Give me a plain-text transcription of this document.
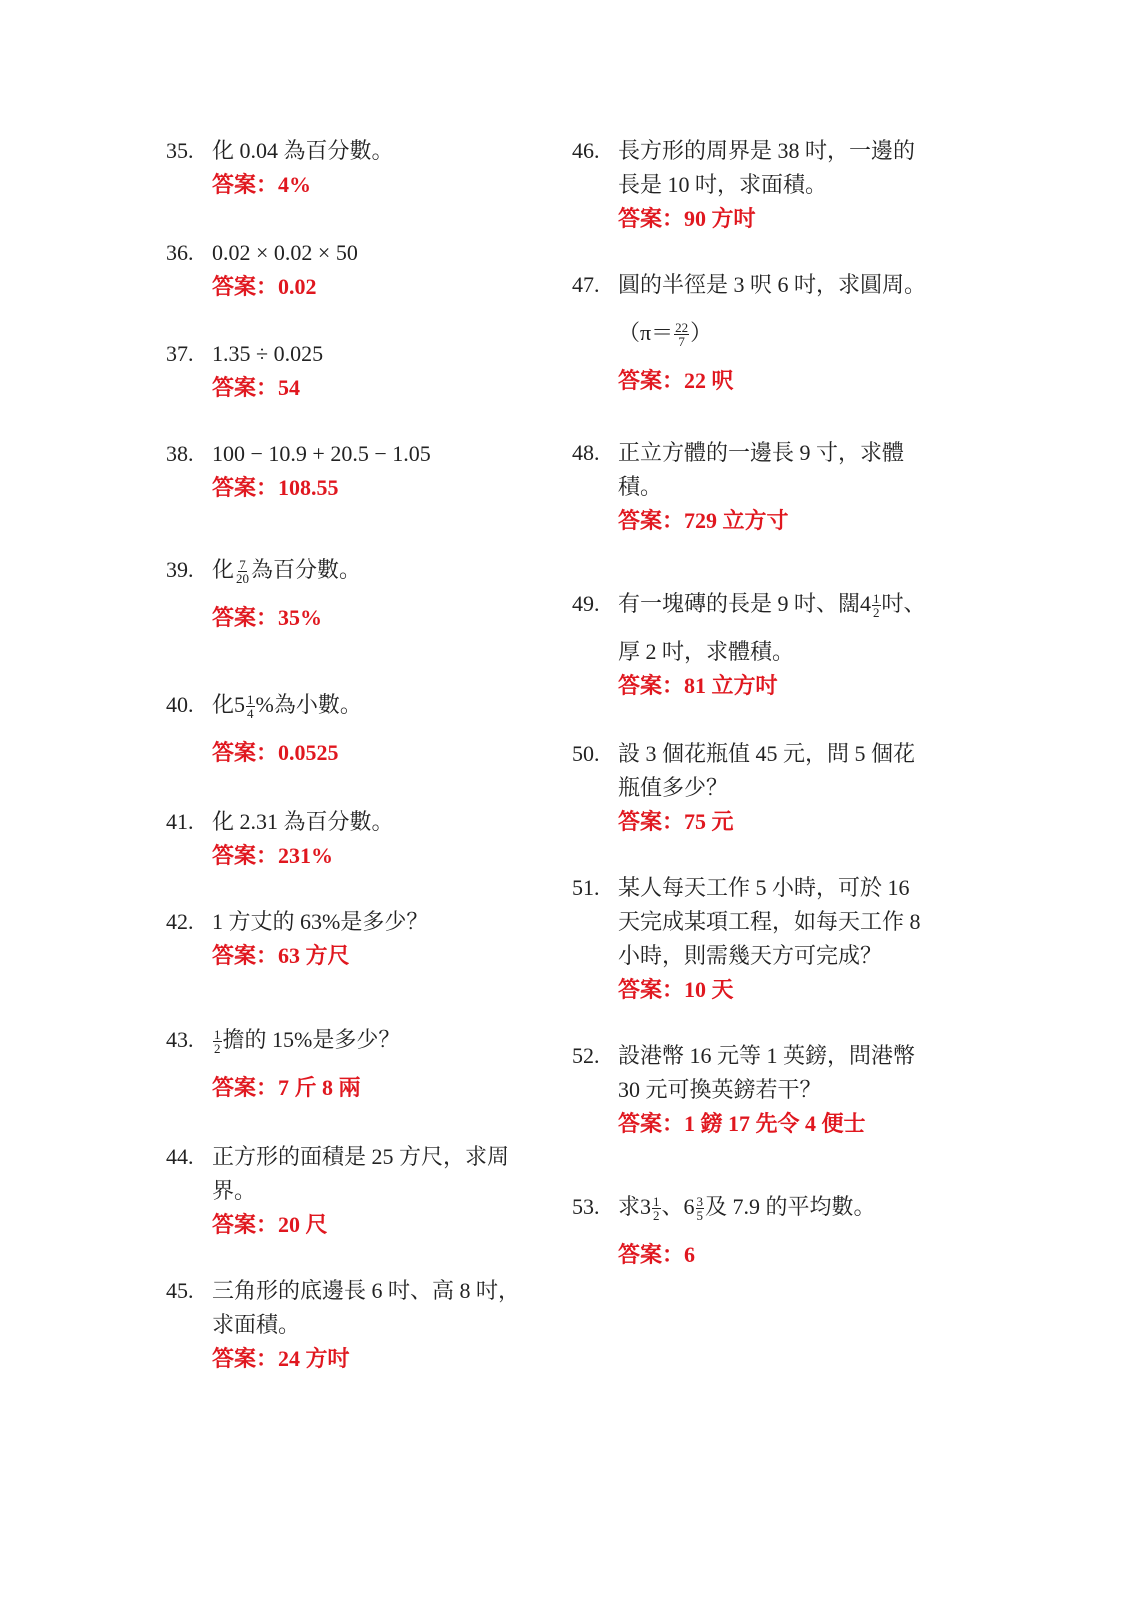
35. 化 0.04 為百分數。
答案：4%
36. 0.02 × 0.02 × 50
答案：0.02
37. 1.35 ÷ 0.025
答案：54
38. 100 − 10.9 + 20.5 − 1.05
答案：108.55
39. 化 $\frac{7}{20}$ 為百分數。
答案：35%
40. 化$5 \frac{1}{4}$ %為小數。
答案：0.0525
41. 化 2.31 為百分數。
答案：231%
42. 1 方丈的 63%是多少？
答案：63 方尺
43.	$\frac{1}{2}$ 擔的 15%是多少？
答案：7 斤 8 兩
44. 正方形的面積是 25 方尺，求周
界。
答案：20 尺
45. 三角形的底邊長 6 吋、高 8 吋，
求面積。
答案：24 方吋
46. 長方形的周界是 38 吋，一邊的
長是 10 吋，求面積。
答案：90 方吋
47. 圓的半徑是 3 呎 6 吋，求圓周。
（$\pi= \frac{22}{7}$ ）
答案：22 呎
48. 正立方體的一邊長 9 寸，求體
積。
答案：729 立方寸
49. 有一塊磚的長是 9 吋、闊$4 \frac{1}{2}$ 吋、
厚 2 吋，求體積。
答案：81 立方吋
50. 設 3 個花瓶值 45 元，問 5 個花
瓶值多少？
答案：75 元
51. 某人每天工作 5 小時，可於 16
天完成某項工程，如每天工作 8
小時，則需幾天方可完成？
答案：10 天
52. 設港幣 16 元等 1 英鎊，問港幣
30 元可換英鎊若干？
答案：1 鎊 17 先令 4 便士
53. 求$3 \frac{1}{2}$ 、$6 \frac{3}{5}$ 及 7.9 的平均數。
答案：6
